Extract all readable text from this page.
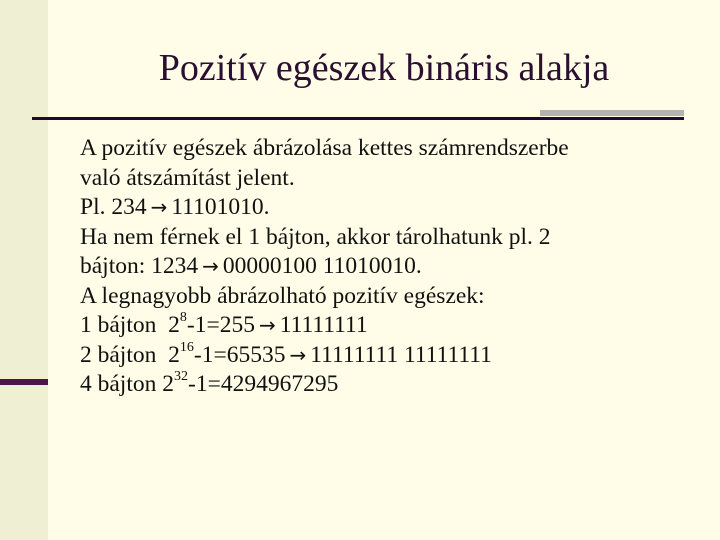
Pozitív egészek bináris alakja
A pozitív egészek ábrázolása kettes számrendszerbe
való átszámítást jelent.
Pl. 234 → 11101010.
Ha nem férnek el 1 bájton, akkor tárolhatunk pl. 2
bájton: 1234 → 00000100 11010010.
A legnagyobb ábrázolható pozitív egészek:
1 bájton  $2^8-1=255 \to 11111111$
2 bájton  $2^{16}-1=65535 \to 11111111$ 11111111
4 bájton $2^{32}-1=4294967295$
